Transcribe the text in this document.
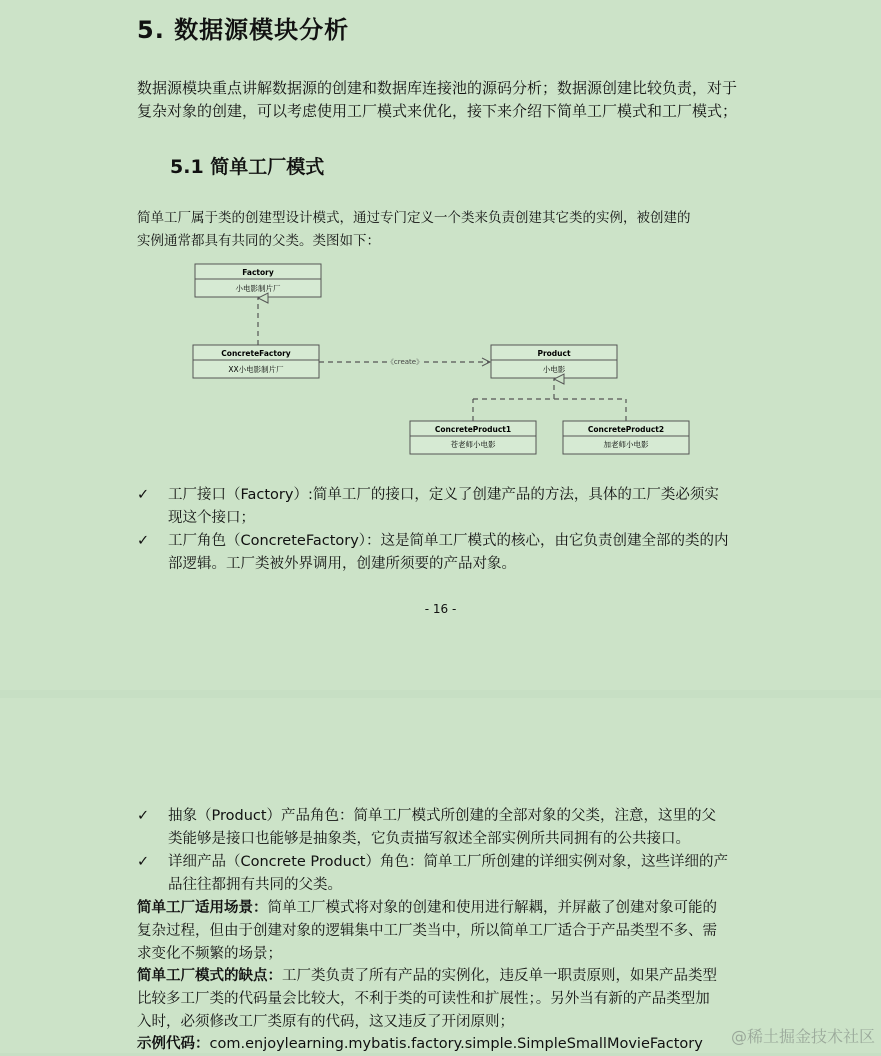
5. 数据源模块分析
数据源模块重点讲解数据源的创建和数据库连接池的源码分析；数据源创建比较负责，对于
复杂对象的创建，可以考虑使用工厂模式来优化，接下来介绍下简单工厂模式和工厂模式；
5.1 简单工厂模式
简单工厂属于类的创建型设计模式，通过专门定义一个类来负责创建其它类的实例，被创建的
实例通常都具有共同的父类。类图如下：
Factory
小电影制片厂
ConcreteFactory
XX小电影制片厂
Product
小电影
ConcreteProduct1
苍老师小电影
ConcreteProduct2
加老师小电影
《create》
✓	工厂接口（Factory）:简单工厂的接口，定义了创建产品的方法，具体的工厂类必须实
现这个接口；
✓	工厂角色（ConcreteFactory）：这是简单工厂模式的核心，由它负责创建全部的类的内
部逻辑。工厂类被外界调用，创建所须要的产品对象。
- 16 -
✓	抽象（Product）产品角色：简单工厂模式所创建的全部对象的父类，注意，这里的父
类能够是接口也能够是抽象类，它负责描写叙述全部实例所共同拥有的公共接口。
✓	详细产品（Concrete Product）角色：简单工厂所创建的详细实例对象，这些详细的产
品往往都拥有共同的父类。
简单工厂适用场景：简单工厂模式将对象的创建和使用进行解耦，并屏蔽了创建对象可能的
复杂过程，但由于创建对象的逻辑集中工厂类当中，所以简单工厂适合于产品类型不多、需
求变化不频繁的场景；
简单工厂模式的缺点：工厂类负责了所有产品的实例化，违反单一职责原则，如果产品类型
比较多工厂类的代码量会比较大，不利于类的可读性和扩展性；。另外当有新的产品类型加
入时，必须修改工厂类原有的代码，这又违反了开闭原则；
示例代码：com.enjoylearning.mybatis.factory.simple.SimpleSmallMovieFactory	@稀土掘金技术社区
